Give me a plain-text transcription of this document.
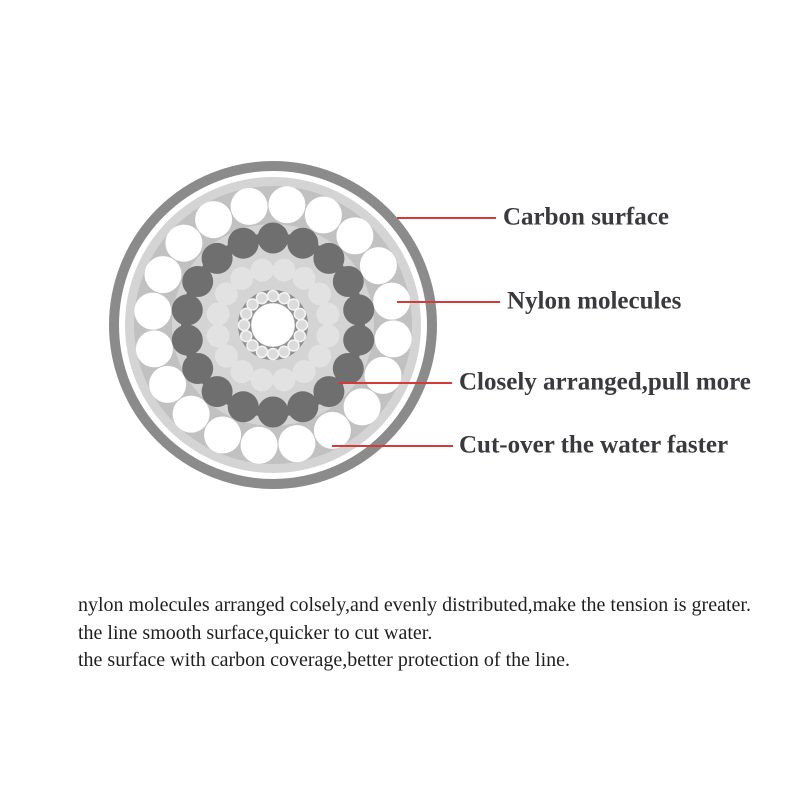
Carbon surface
Nylon molecules
Closely arranged,pull more
Cut-over the water faster

nylon molecules arranged colsely,and evenly distributed,make the tension is greater.

the line smooth surface,quicker to cut water.

the surface with carbon coverage,better protection of the line.
